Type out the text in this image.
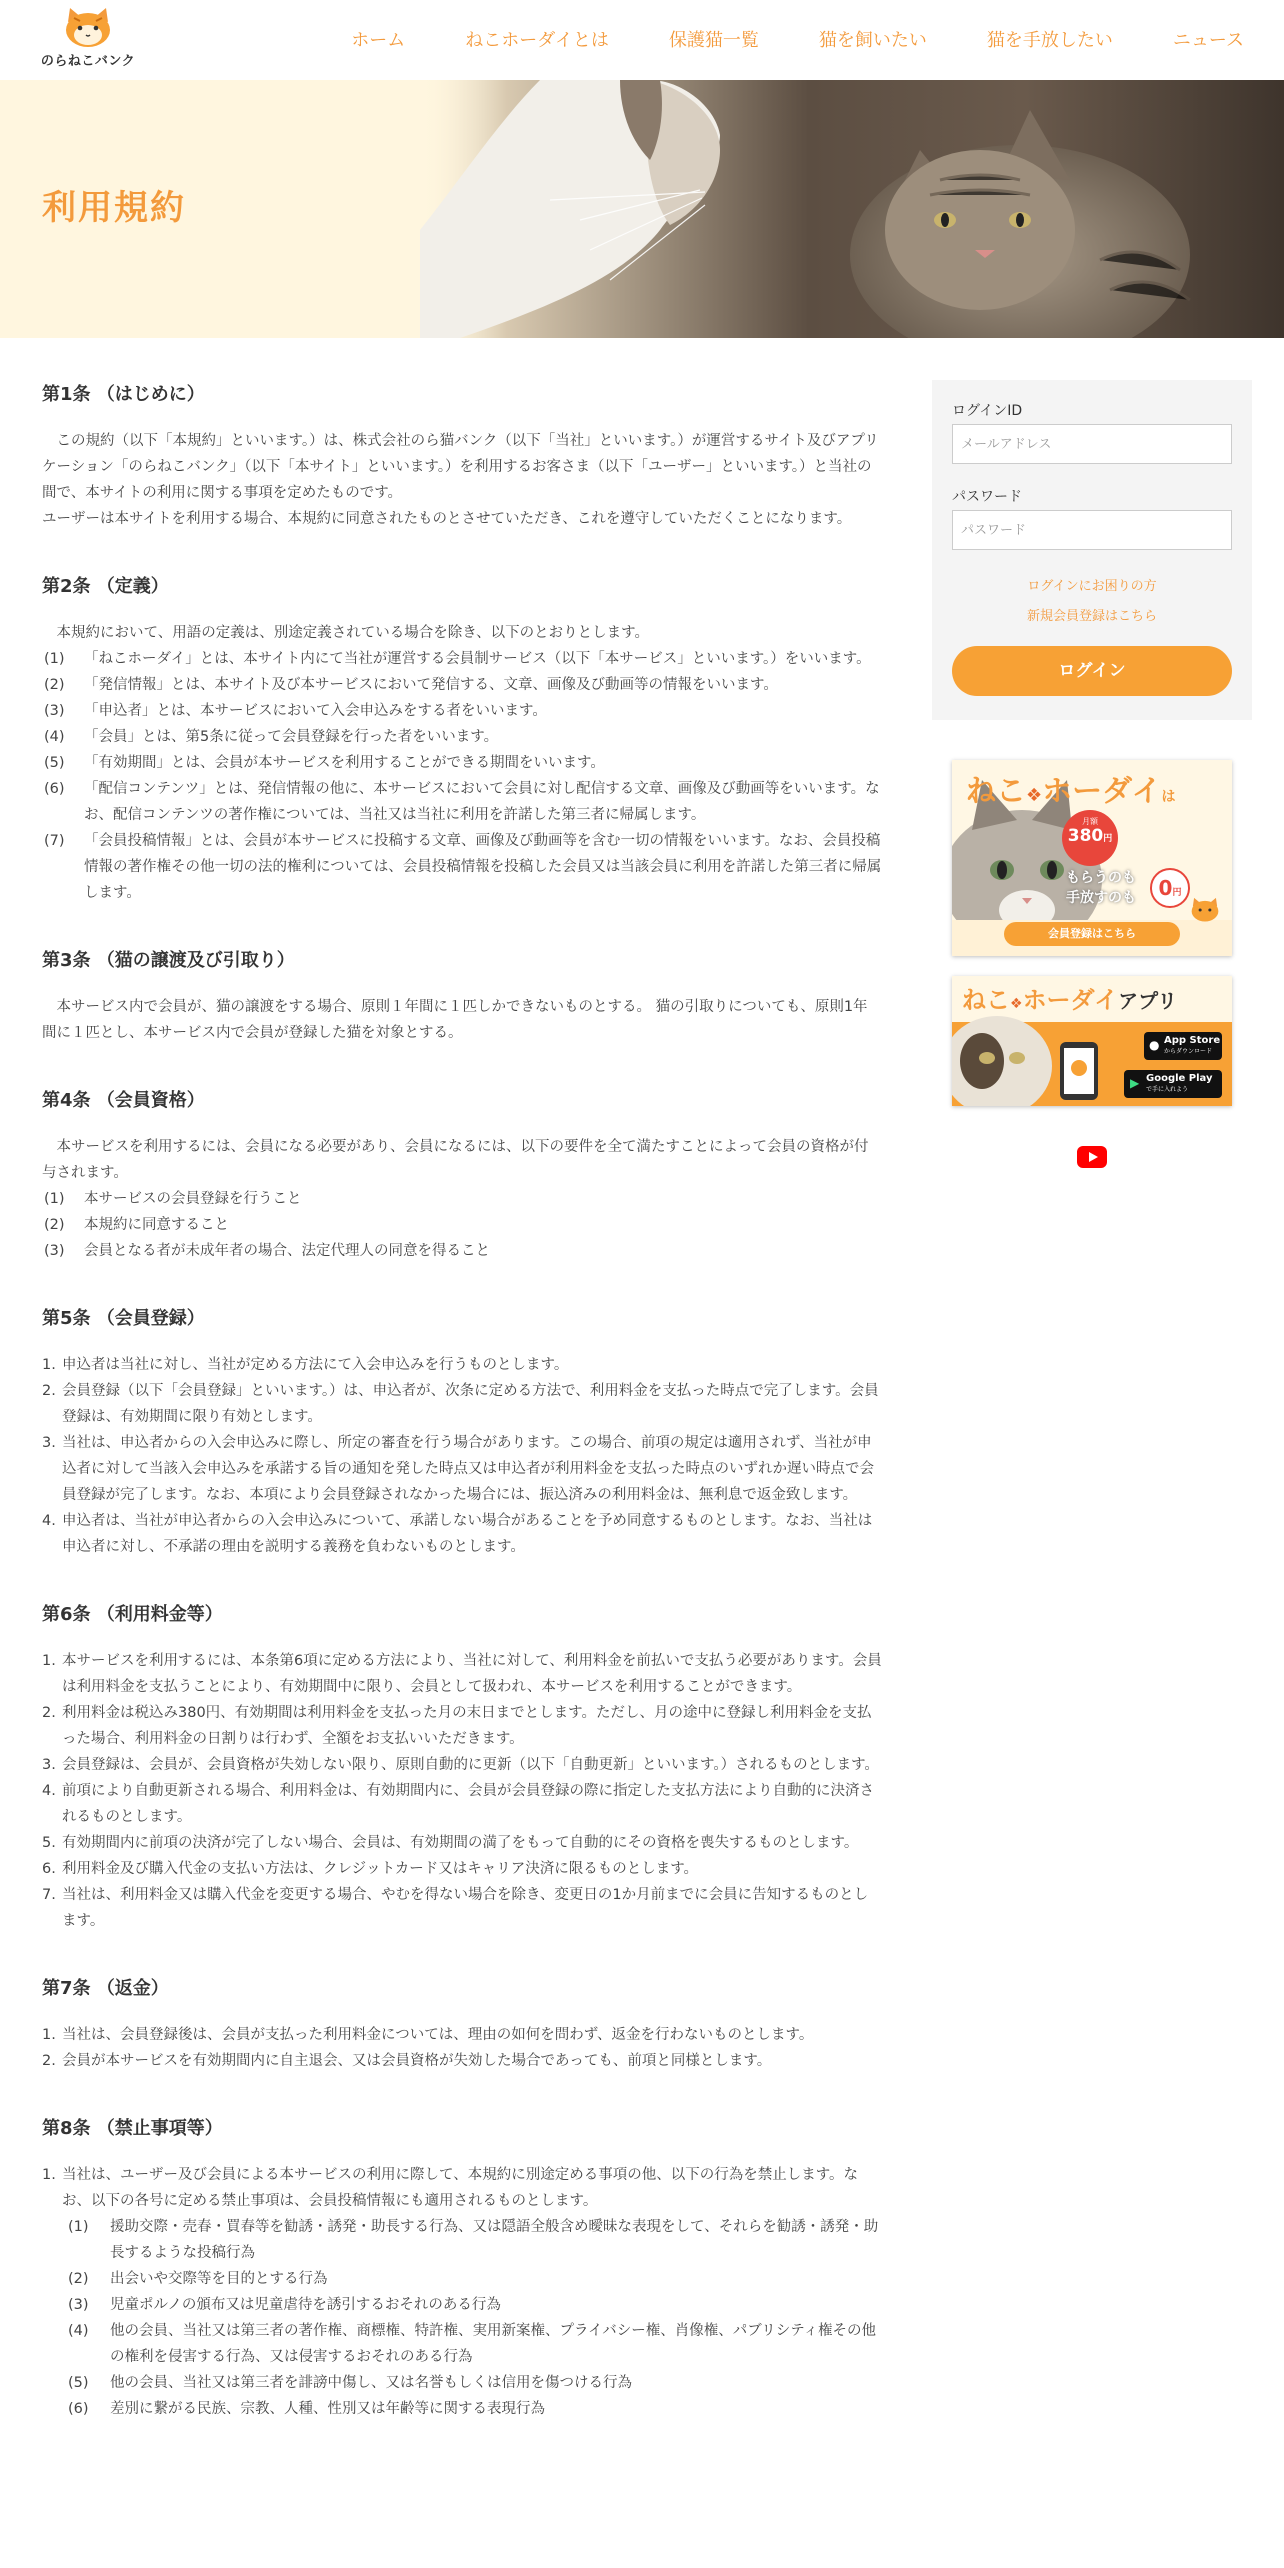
のらねこバンク
ホーム	ねこホーダイとは	保護猫一覧	猫を飼いたい	猫を手放したい	ニュース
利用規約
第1条 （はじめに）

この規約（以下「本規約」といいます。）は、株式会社のら猫バンク（以下「当社」といいます。）が運営するサイト及びアプリケーション「のらねこバンク」（以下「本サイト」といいます。）を利用するお客さま（以下「ユーザー」といいます。）と当社の間で、本サイトの利用に関する事項を定めたものです。

ユーザーは本サイトを利用する場合、本規約に同意されたものとさせていただき、これを遵守していただくことになります。

第2条 （定義）

本規約において、用語の定義は、別途定義されている場合を除き、以下のとおりとします。

(1) 「ねこホーダイ」とは、本サイト内にて当社が運営する会員制サービス（以下「本サービス」といいます。）をいいます。
(2) 「発信情報」とは、本サイト及び本サービスにおいて発信する、文章、画像及び動画等の情報をいいます。
(3) 「申込者」とは、本サービスにおいて入会申込みをする者をいいます。
(4) 「会員」とは、第5条に従って会員登録を行った者をいいます。
(5) 「有効期間」とは、会員が本サービスを利用することができる期間をいいます。
(6) 「配信コンテンツ」とは、発信情報の他に、本サービスにおいて会員に対し配信する文章、画像及び動画等をいいます。なお、配信コンテンツの著作権については、当社又は当社に利用を許諾した第三者に帰属します。
(7) 「会員投稿情報」とは、会員が本サービスに投稿する文章、画像及び動画等を含む一切の情報をいいます。なお、会員投稿情報の著作権その他一切の法的権利については、会員投稿情報を投稿した会員又は当該会員に利用を許諾した第三者に帰属します。
第3条 （猫の譲渡及び引取り）

本サービス内で会員が、猫の譲渡をする場合、原則１年間に１匹しかできないものとする。 猫の引取りについても、原則1年間に１匹とし、本サービス内で会員が登録した猫を対象とする。

第4条 （会員資格）

本サービスを利用するには、会員になる必要があり、会員になるには、以下の要件を全て満たすことによって会員の資格が付与されます。

(1) 本サービスの会員登録を行うこと
(2) 本規約に同意すること
(3) 会員となる者が未成年者の場合、法定代理人の同意を得ること
第5条 （会員登録）
1. 申込者は当社に対し、当社が定める方法にて入会申込みを行うものとします。
2. 会員登録（以下「会員登録」といいます。）は、申込者が、次条に定める方法で、利用料金を支払った時点で完了します。会員登録は、有効期間に限り有効とします。
3. 当社は、申込者からの入会申込みに際し、所定の審査を行う場合があります。この場合、前項の規定は適用されず、当社が申込者に対して当該入会申込みを承諾する旨の通知を発した時点又は申込者が利用料金を支払った時点のいずれか遅い時点で会員登録が完了します。なお、本項により会員登録されなかった場合には、振込済みの利用料金は、無利息で返金致します。
4. 申込者は、当社が申込者からの入会申込みについて、承諾しない場合があることを予め同意するものとします。なお、当社は申込者に対し、不承諾の理由を説明する義務を負わないものとします。
第6条 （利用料金等）
1. 本サービスを利用するには、本条第6項に定める方法により、当社に対して、利用料金を前払いで支払う必要があります。会員は利用料金を支払うことにより、有効期間中に限り、会員として扱われ、本サービスを利用することができます。
2. 利用料金は税込み380円、有効期間は利用料金を支払った月の末日までとします。ただし、月の途中に登録し利用料金を支払った場合、利用料金の日割りは行わず、全額をお支払いいただきます。
3. 会員登録は、会員が、会員資格が失効しない限り、原則自動的に更新（以下「自動更新」といいます。）されるものとします。
4. 前項により自動更新される場合、利用料金は、有効期間内に、会員が会員登録の際に指定した支払方法により自動的に決済されるものとします。
5. 有効期間内に前項の決済が完了しない場合、会員は、有効期間の満了をもって自動的にその資格を喪失するものとします。
6. 利用料金及び購入代金の支払い方法は、クレジットカード又はキャリア決済に限るものとします。
7. 当社は、利用料金又は購入代金を変更する場合、やむを得ない場合を除き、変更日の1か月前までに会員に告知するものとします。
第7条 （返金）
1. 当社は、会員登録後は、会員が支払った利用料金については、理由の如何を問わず、返金を行わないものとします。
2. 会員が本サービスを有効期間内に自主退会、又は会員資格が失効した場合であっても、前項と同様とします。
第8条 （禁止事項等）
1. 当社は、ユーザー及び会員による本サービスの利用に際して、本規約に別途定める事項の他、以下の行為を禁止します。なお、以下の各号に定める禁止事項は、会員投稿情報にも適用されるものとします。
(1) 援助交際・売春・買春等を勧誘・誘発・助長する行為、又は隠語全般含め曖昧な表現をして、それらを勧誘・誘発・助長するような投稿行為
(2) 出会いや交際等を目的とする行為
(3) 児童ポルノの頒布又は児童虐待を誘引するおそれのある行為
(4) 他の会員、当社又は第三者の著作権、商標権、特許権、実用新案権、プライバシー権、肖像権、パブリシティ権その他の権利を侵害する行為、又は侵害するおそれのある行為
(5) 他の会員、当社又は第三者を誹謗中傷し、又は名誉もしくは信用を傷つける行為
(6) 差別に繋がる民族、宗教、人種、性別又は年齢等に関する表現行為
ログインID
メールアドレス
パスワード
ログインにお困りの方
新規会員登録はこちら
ログイン
ねこ❖ホーダイは
月額
380円
もらうのも
手放すのも	0円
会員登録はこちら
ねこ❖ホーダイアプリ
● App Store
からダウンロード
▶ Google Play
で手に入れよう
